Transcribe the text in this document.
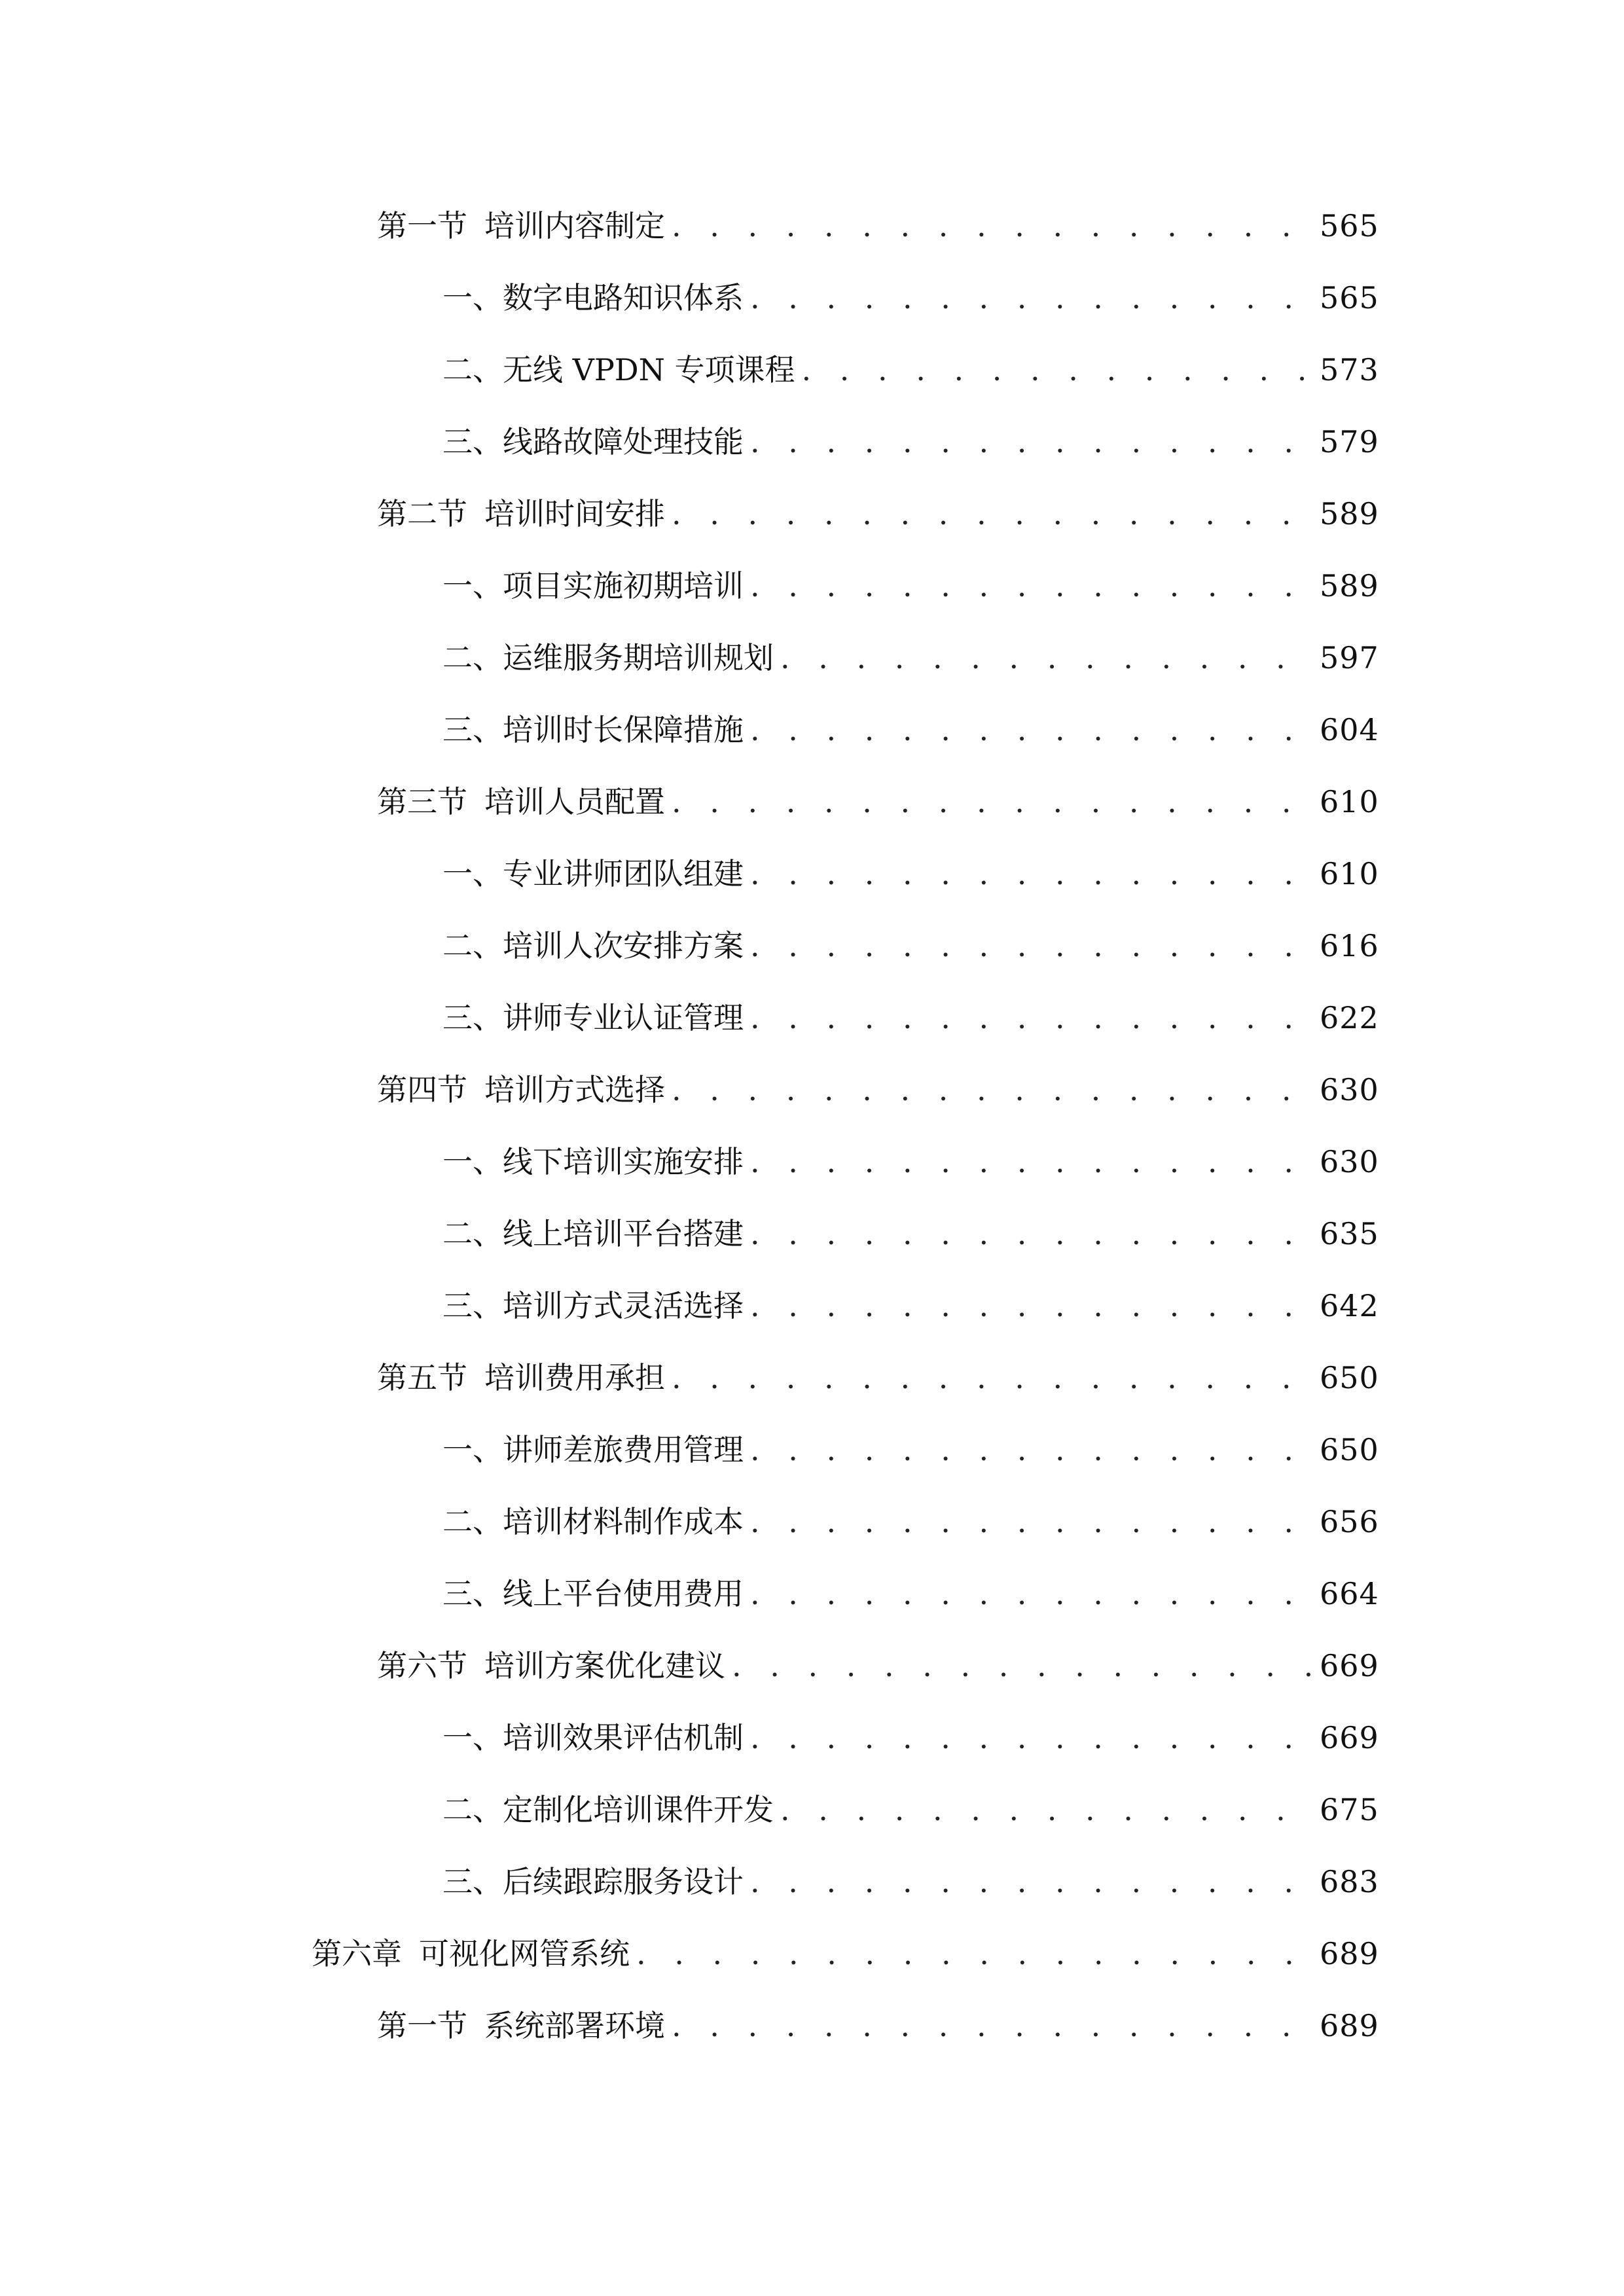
第一节 培训内容制定 . . .	565
一、 数字电路知识体系 . . .	565
二、 无线 VPDN 专项课程 . . .	573
三、 线路故障处理技能 . . .	579
第二节 培训时间安排 . . .	589
一、 项目实施初期培训 . . .	589
二、 运维服务期培训规划 . . .	597
三、 培训时长保障措施 . . .	604
第三节 培训人员配置 . . .	610
一、 专业讲师团队组建 . . .	610
二、 培训人次安排方案 . . .	616
三、 讲师专业认证管理 . . .	622
第四节 培训方式选择 . . .	630
一、 线下培训实施安排 . . .	630
二、 线上培训平台搭建 . . .	635
三、 培训方式灵活选择 . . .	642
第五节 培训费用承担 . . .	650
一、 讲师差旅费用管理 . . .	650
二、 培训材料制作成本 . . .	656
三、 线上平台使用费用 . . .	664
第六节 培训方案优化建议 . . .	669
一、 培训效果评估机制 . . .	669
二、 定制化培训课件开发 . . .	675
三、 后续跟踪服务设计 . . .	683
第六章 可视化网管系统 . . .	689
第一节 系统部署环境 . . .	689
